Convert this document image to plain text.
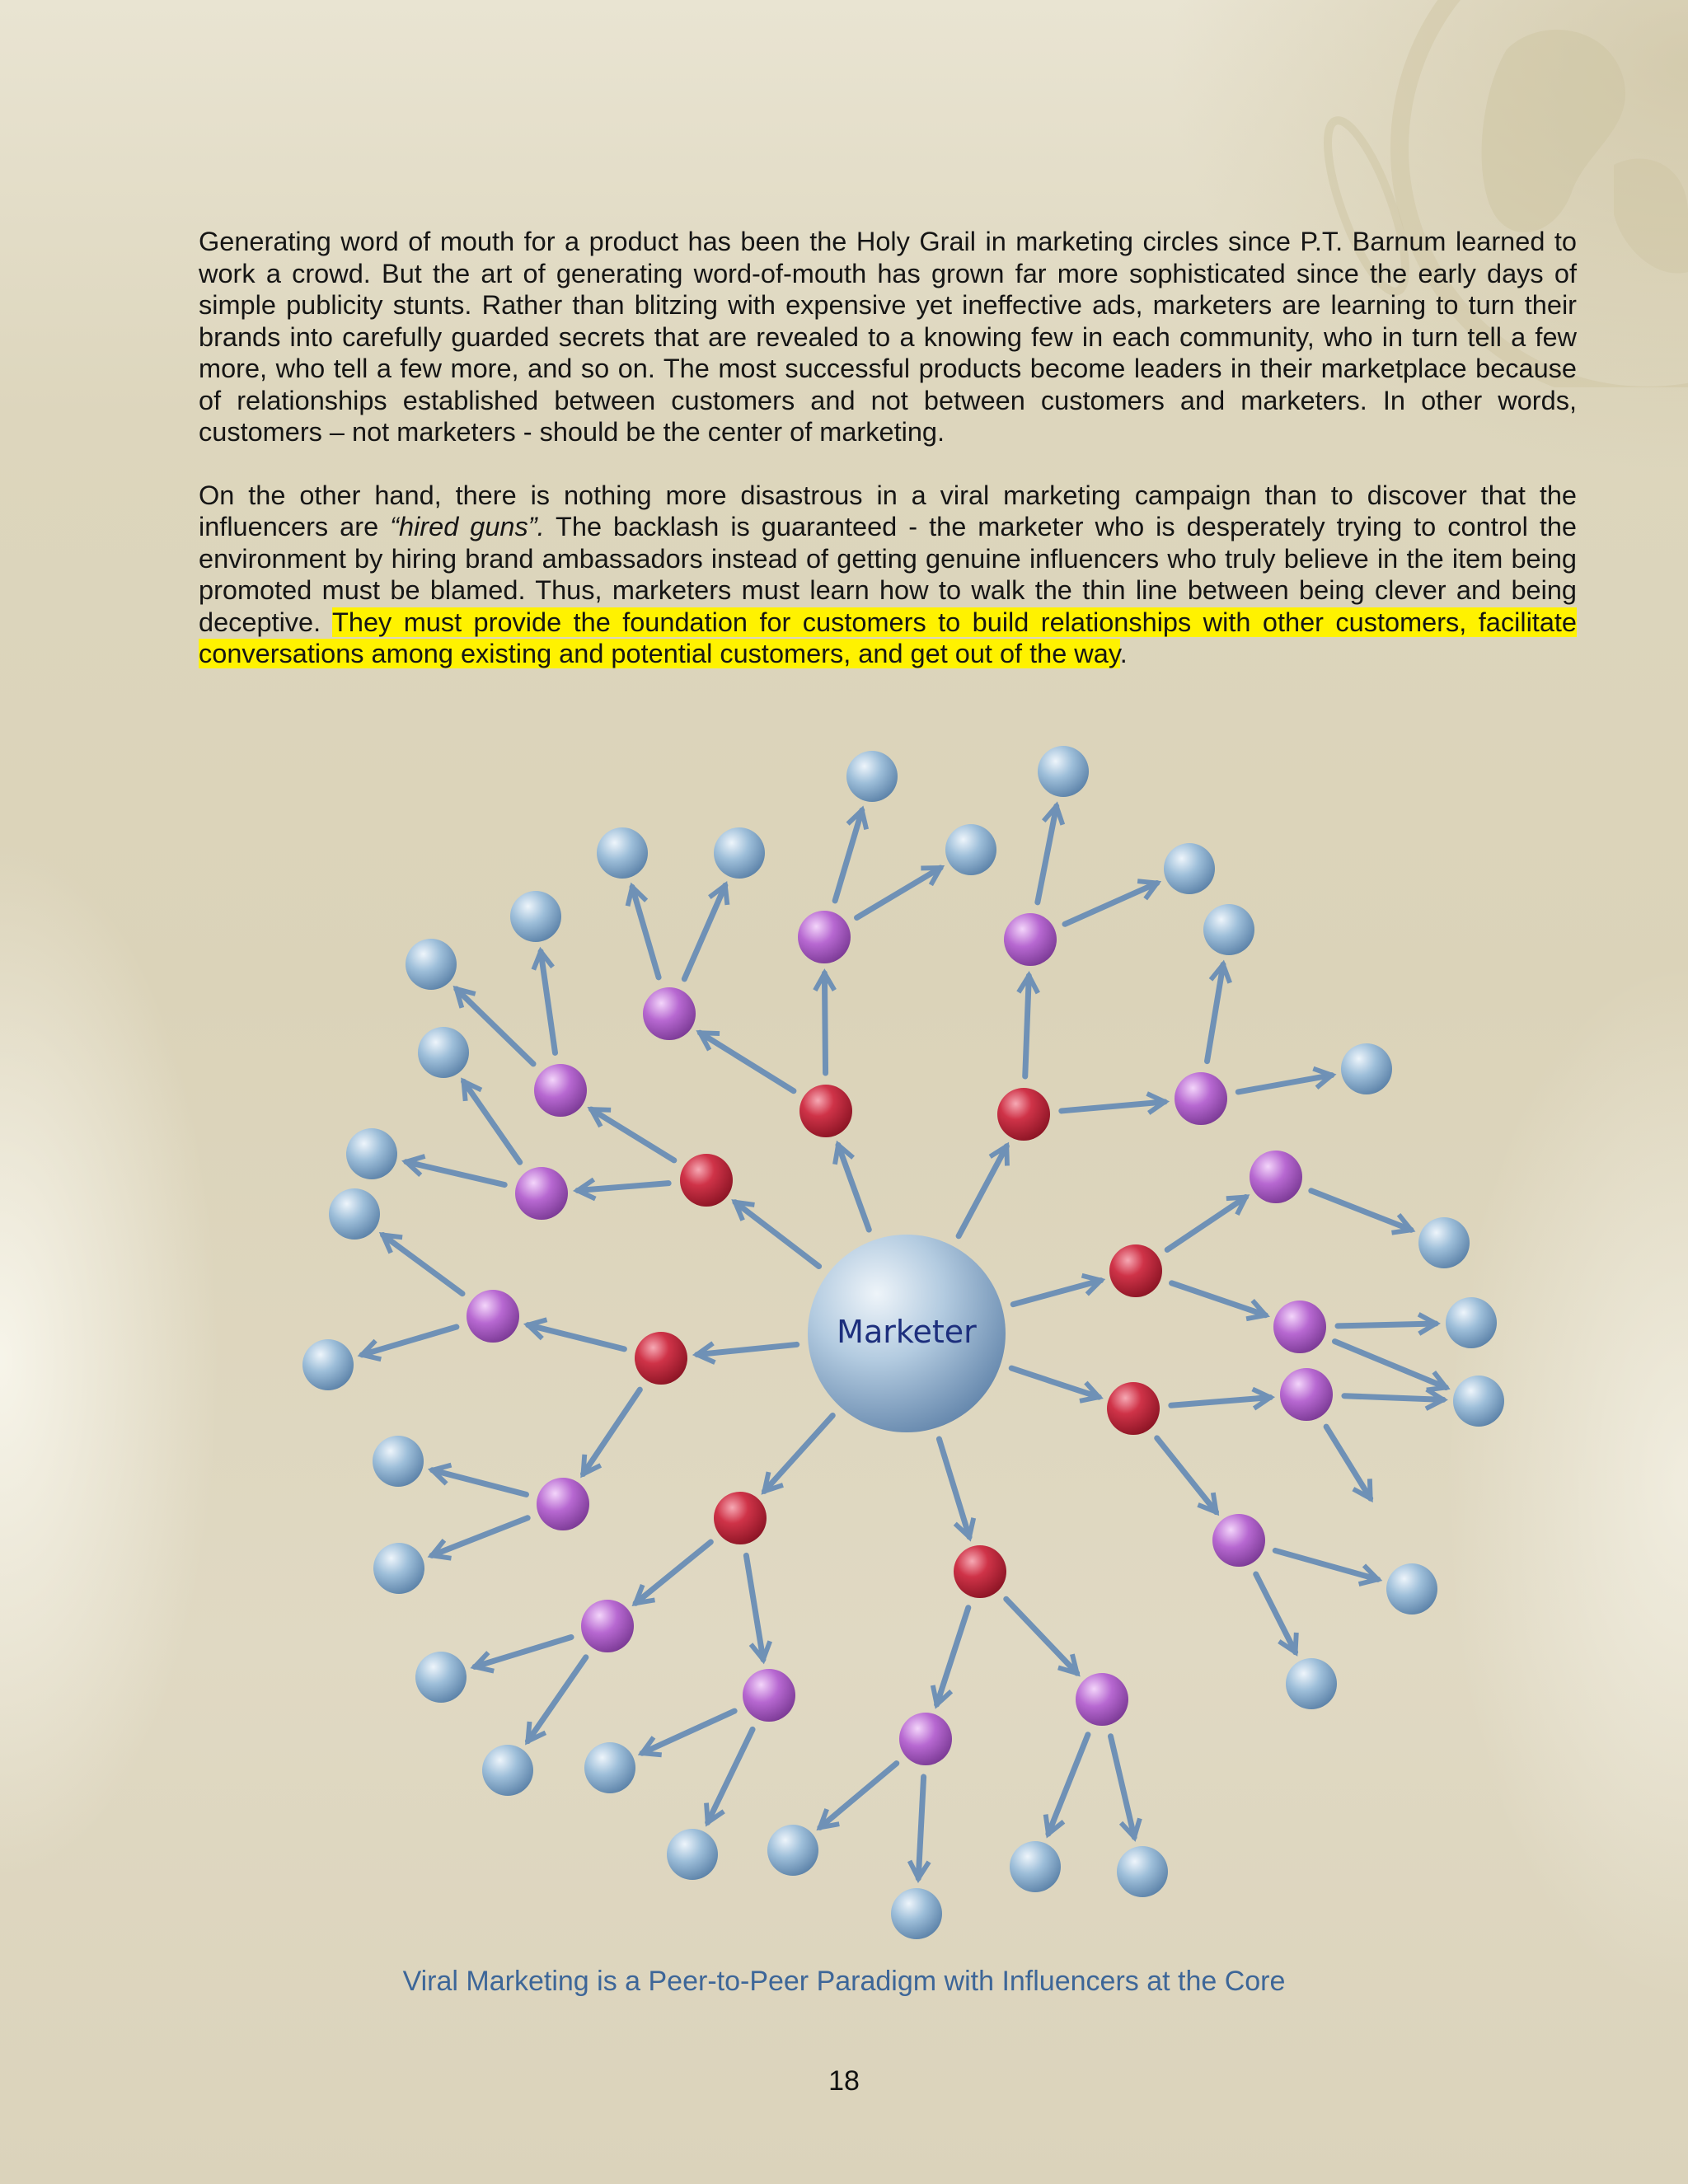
Generating word of mouth for a product has been the Holy Grail in marketing circles since P.T. Barnum learned to work a crowd. But the art of generating word-of-mouth has grown far more sophisticated since the early days of simple publicity stunts. Rather than blitzing with expensive yet ineffective ads, marketers are learning to turn their brands into carefully guarded secrets that are revealed to a knowing few in each community, who in turn tell a few more, who tell a few more, and so on. The most successful products become leaders in their marketplace because of relationships established between customers and not between customers and marketers. In other words, customers – not marketers - should be the center of marketing.

On the other hand, there is nothing more disastrous in a viral marketing campaign than to discover that the influencers are “hired guns”. The backlash is guaranteed - the marketer who is desperately trying to control the environment by hiring brand ambassadors instead of getting genuine influencers who truly believe in the item being promoted must be blamed. Thus, marketers must learn how to walk the thin line between being clever and being deceptive. They must provide the foundation for customers to build relationships with other customers, facilitate conversations among existing and potential customers, and get out of the way.

Marketer
Viral Marketing is a Peer-to-Peer Paradigm with Influencers at the Core
18
